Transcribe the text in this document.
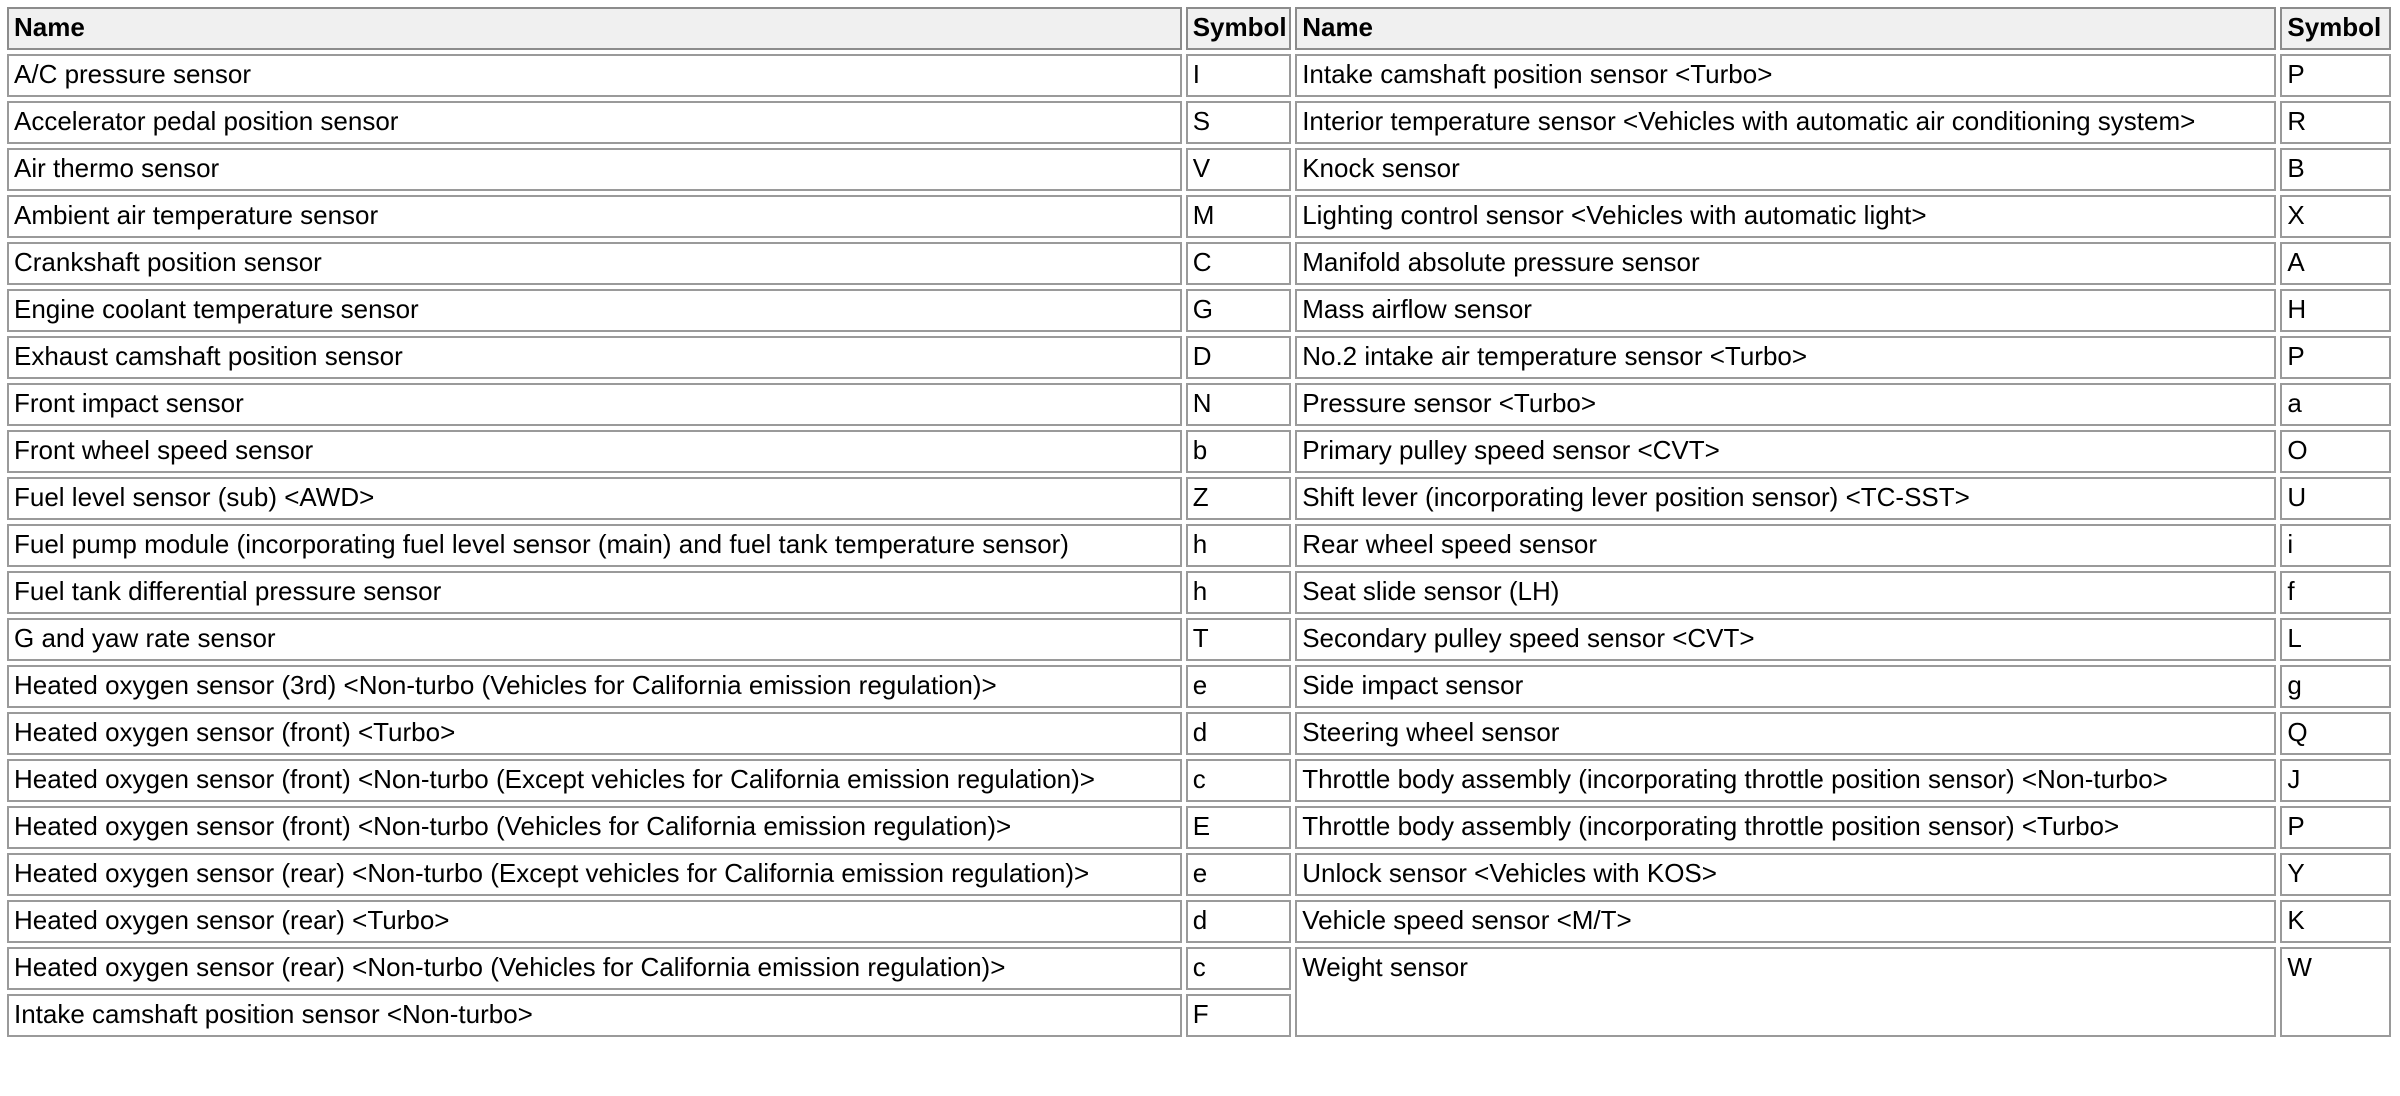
Name	Symbol	Name	Symbol
A/C pressure sensor	I	Intake camshaft position sensor <Turbo>	P
Accelerator pedal position sensor	S	Interior temperature sensor <Vehicles with automatic air conditioning system>	R
Air thermo sensor	V	Knock sensor	B
Ambient air temperature sensor	M	Lighting control sensor <Vehicles with automatic light>	X
Crankshaft position sensor	C	Manifold absolute pressure sensor	A
Engine coolant temperature sensor	G	Mass airflow sensor	H
Exhaust camshaft position sensor	D	No.2 intake air temperature sensor <Turbo>	P
Front impact sensor	N	Pressure sensor <Turbo>	a
Front wheel speed sensor	b	Primary pulley speed sensor <CVT>	O
Fuel level sensor (sub) <AWD>	Z	Shift lever (incorporating lever position sensor) <TC-SST>	U
Fuel pump module (incorporating fuel level sensor (main) and fuel tank temperature sensor)	h	Rear wheel speed sensor	i
Fuel tank differential pressure sensor	h	Seat slide sensor (LH)	f
G and yaw rate sensor	T	Secondary pulley speed sensor <CVT>	L
Heated oxygen sensor (3rd) <Non-turbo (Vehicles for California emission regulation)>	e	Side impact sensor	g
Heated oxygen sensor (front) <Turbo>	d	Steering wheel sensor	Q
Heated oxygen sensor (front) <Non-turbo (Except vehicles for California emission regulation)>	c	Throttle body assembly (incorporating throttle position sensor) <Non-turbo>	J
Heated oxygen sensor (front) <Non-turbo (Vehicles for California emission regulation)>	E	Throttle body assembly (incorporating throttle position sensor) <Turbo>	P
Heated oxygen sensor (rear) <Non-turbo (Except vehicles for California emission regulation)>	e	Unlock sensor <Vehicles with KOS>	Y
Heated oxygen sensor (rear) <Turbo>	d	Vehicle speed sensor <M/T>	K
Heated oxygen sensor (rear) <Non-turbo (Vehicles for California emission regulation)>	c	Weight sensor	W
Intake camshaft position sensor <Non-turbo>	F		
